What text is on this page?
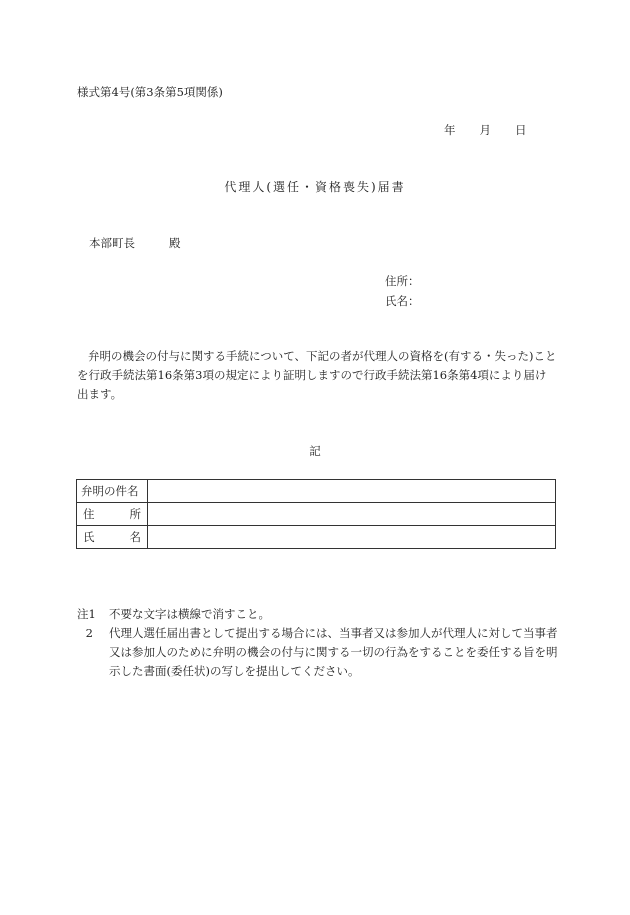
様式第4号(第3条第5項関係)
年 月 日
代理人(選任・資格喪失)届書
本部町長	殿
住所：
氏名：
弁明の機会の付与に関する手続について、下記の者が代理人の資格を(有する・失った)ことを行政手続法第16条第3項の規定により証明しますので行政手続法第16条第4項により届け出ます。
記
弁明の件名	

住 所	

氏 名	

注1	不要な文字は横線で消すこと。
2	代理人選任届出書として提出する場合には、当事者又は参加人が代理人に対して当事者又は参加人のために弁明の機会の付与に関する一切の行為をすることを委任する旨を明示した書面(委任状)の写しを提出してください。
